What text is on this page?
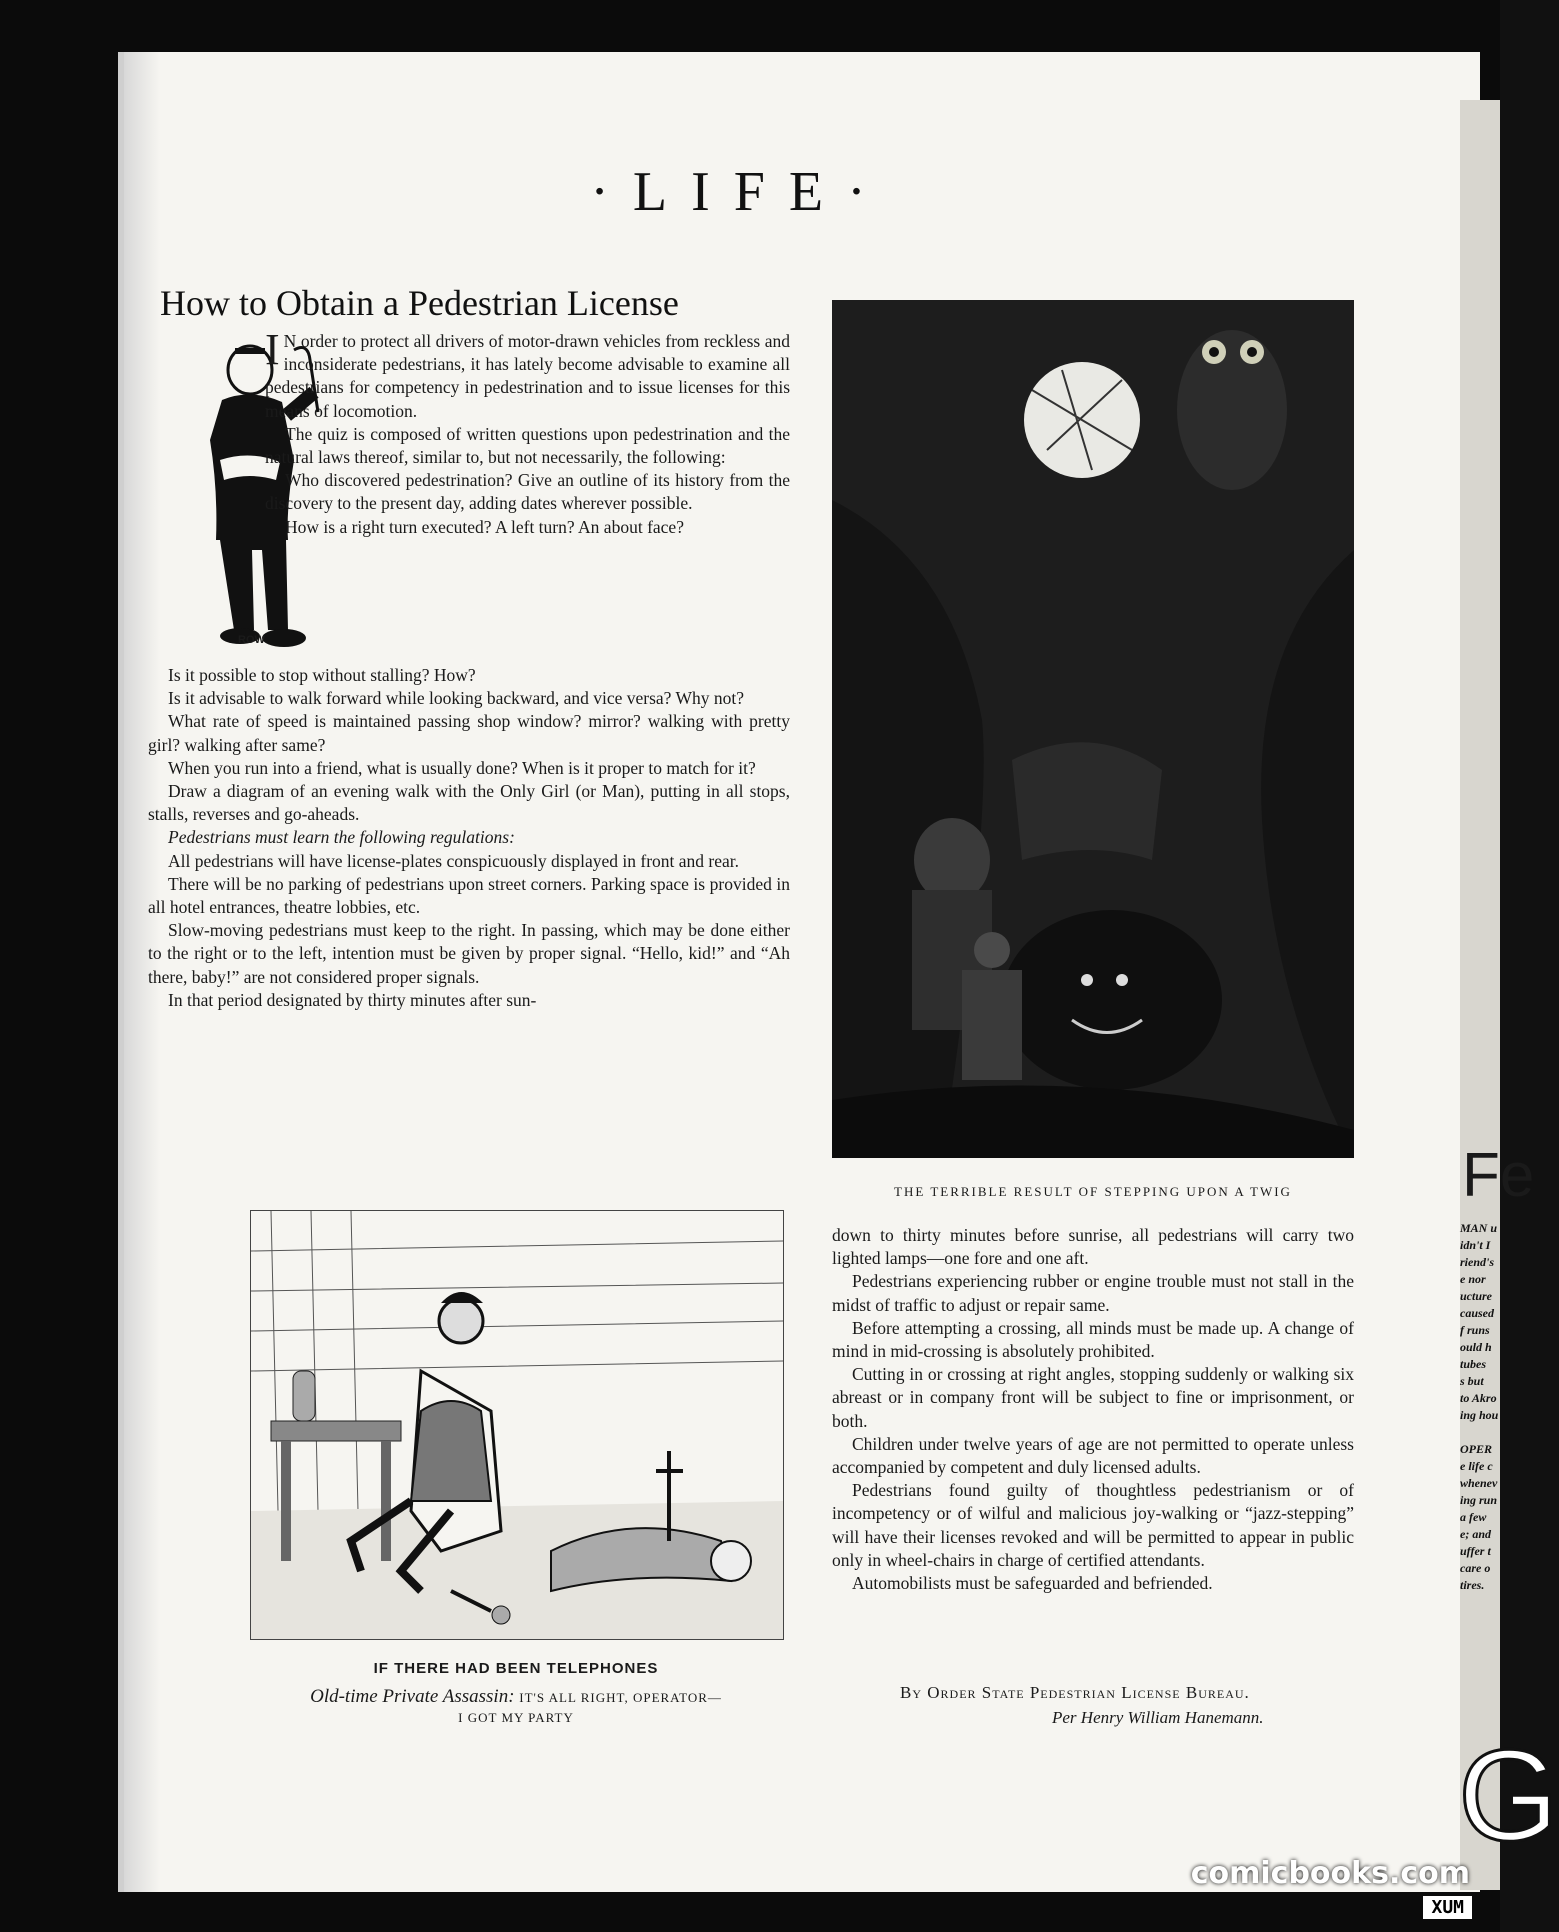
Fe
MAN u
idn't I
riend's
e nor
ucture
caused
f runs
ould h
tubes
s but
to Akro
ing hou

OPER
e life c
whenev
ing run
a few
e; and
uffer t
care o
tires.
G
·LIFE·
How to Obtain a Pedestrian License
ROW

I N order to protect all drivers of motor-drawn vehicles from reckless and inconsiderate pedestrians, it has lately become advisable to examine all pedestrians for competency in pedestrination and to issue licenses for this means of locomotion.

The quiz is composed of written questions upon pedestrination and the natural laws thereof, similar to, but not necessarily, the following:

Who discovered pedestrination? Give an outline of its history from the discovery to the present day, adding dates wherever possible.

How is a right turn executed? A left turn? An about face?

Is it possible to stop without stalling? How?

Is it advisable to walk forward while looking backward, and vice versa? Why not?

What rate of speed is maintained passing shop window? mirror? walking with pretty girl? walking after same?

When you run into a friend, what is usually done? When is it proper to match for it?

Draw a diagram of an evening walk with the Only Girl (or Man), putting in all stops, stalls, reverses and go-aheads.

Pedestrians must learn the following regulations:

All pedestrians will have license-plates conspicuously displayed in front and rear.

There will be no parking of pedestrians upon street corners. Parking space is provided in all hotel entrances, theatre lobbies, etc.

Slow-moving pedestrians must keep to the right. In passing, which may be done either to the right or to the left, intention must be given by proper signal. “Hello, kid!” and “Ah there, baby!” are not considered proper signals.

In that period designated by thirty minutes after sun-

THE TERRIBLE RESULT OF STEPPING UPON A TWIG
IF THERE HAD BEEN TELEPHONES
Old-time Private Assassin: IT'S ALL RIGHT, OPERATOR—
I GOT MY PARTY

down to thirty minutes before sunrise, all pedestrians will carry two lighted lamps—one fore and one aft.

Pedestrians experiencing rubber or engine trouble must not stall in the midst of traffic to adjust or repair same.

Before attempting a crossing, all minds must be made up. A change of mind in mid-crossing is absolutely prohibited.

Cutting in or crossing at right angles, stopping suddenly or walking six abreast or in company front will be subject to fine or imprisonment, or both.

Children under twelve years of age are not permitted to operate unless accompanied by competent and duly licensed adults.

Pedestrians found guilty of thoughtless pedestrianism or of incompetency or of wilful and malicious joy-walking or “jazz-stepping” will have their licenses revoked and will be permitted to appear in public only in wheel-chairs in charge of certified attendants.

Automobilists must be safeguarded and befriended.

By Order State Pedestrian License Bureau.
Per Henry William Hanemann.
comicbooks.com
XUM
